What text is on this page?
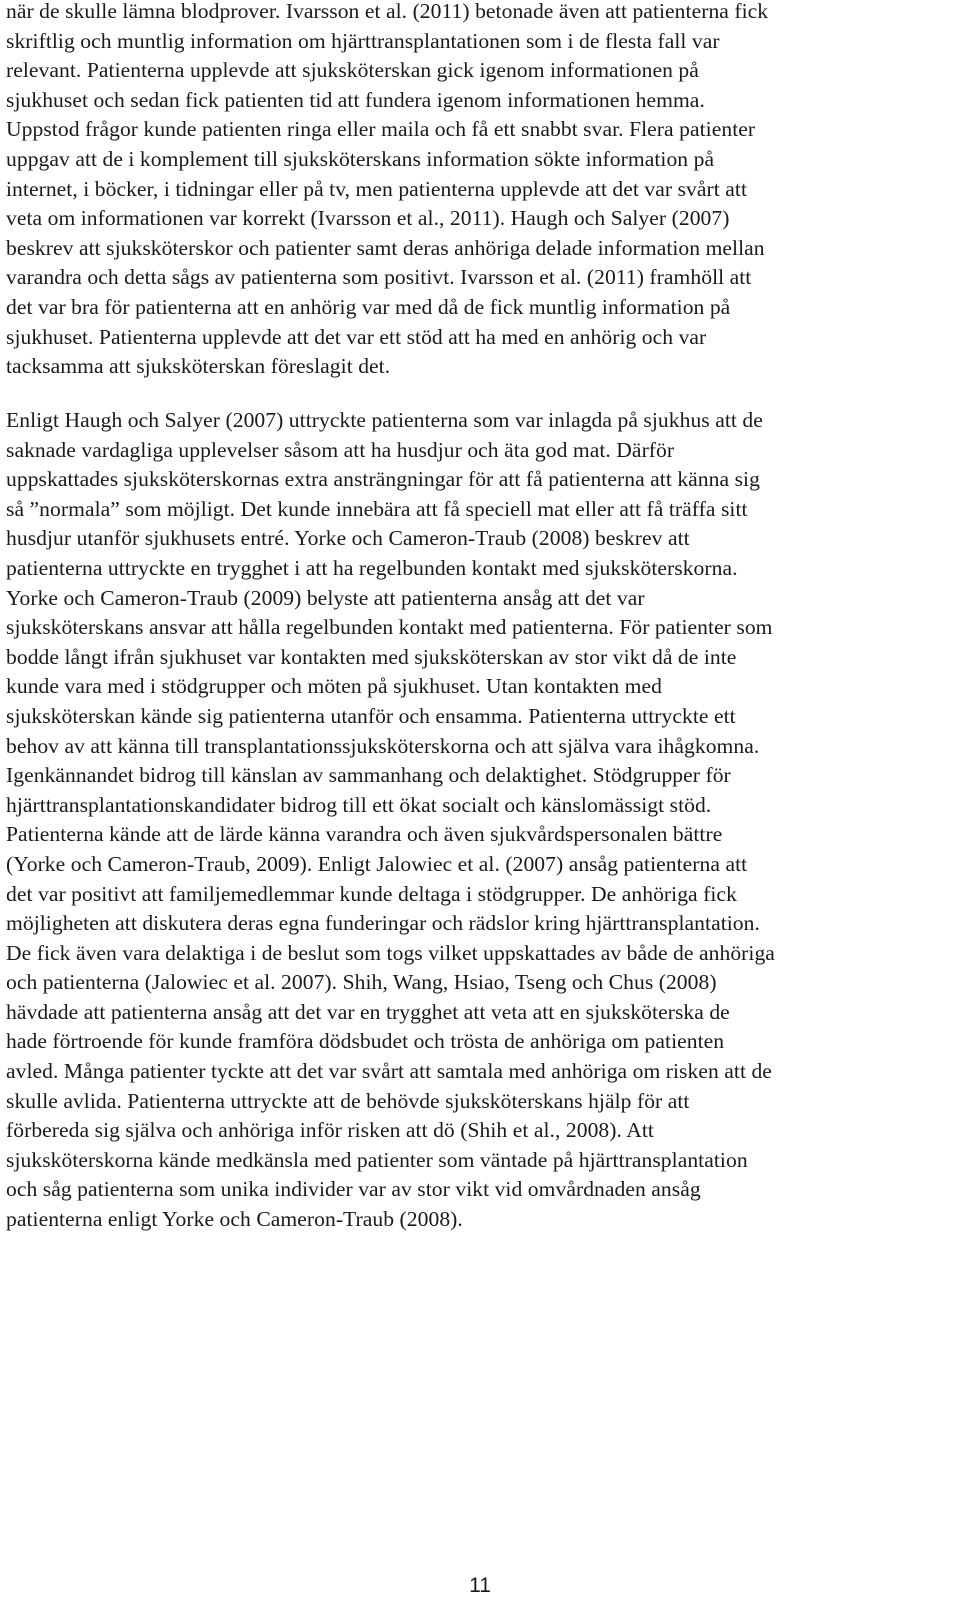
när de skulle lämna blodprover. Ivarsson et al. (2011) betonade även att patienterna fick
skriftlig och muntlig information om hjärttransplantationen som i de flesta fall var
relevant. Patienterna upplevde att sjuksköterskan gick igenom informationen på
sjukhuset och sedan fick patienten tid att fundera igenom informationen hemma.
Uppstod frågor kunde patienten ringa eller maila och få ett snabbt svar. Flera patienter
uppgav att de i komplement till sjuksköterskans information sökte information på
internet, i böcker, i tidningar eller på tv, men patienterna upplevde att det var svårt att
veta om informationen var korrekt (Ivarsson et al., 2011). Haugh och Salyer (2007)
beskrev att sjuksköterskor och patienter samt deras anhöriga delade information mellan
varandra och detta sågs av patienterna som positivt. Ivarsson et al. (2011) framhöll att
det var bra för patienterna att en anhörig var med då de fick muntlig information på
sjukhuset. Patienterna upplevde att det var ett stöd att ha med en anhörig och var
tacksamma att sjuksköterskan föreslagit det.

Enligt Haugh och Salyer (2007) uttryckte patienterna som var inlagda på sjukhus att de
saknade vardagliga upplevelser såsom att ha husdjur och äta god mat. Därför
uppskattades sjuksköterskornas extra ansträngningar för att få patienterna att känna sig
så ”normala” som möjligt. Det kunde innebära att få speciell mat eller att få träffa sitt
husdjur utanför sjukhusets entré. Yorke och Cameron-Traub (2008) beskrev att
patienterna uttryckte en trygghet i att ha regelbunden kontakt med sjuksköterskorna.
Yorke och Cameron-Traub (2009) belyste att patienterna ansåg att det var
sjuksköterskans ansvar att hålla regelbunden kontakt med patienterna. För patienter som
bodde långt ifrån sjukhuset var kontakten med sjuksköterskan av stor vikt då de inte
kunde vara med i stödgrupper och möten på sjukhuset. Utan kontakten med
sjuksköterskan kände sig patienterna utanför och ensamma. Patienterna uttryckte ett
behov av att känna till transplantationssjuksköterskorna och att själva vara ihågkomna.
Igenkännandet bidrog till känslan av sammanhang och delaktighet. Stödgrupper för
hjärttransplantationskandidater bidrog till ett ökat socialt och känslomässigt stöd.
Patienterna kände att de lärde känna varandra och även sjukvårdspersonalen bättre
(Yorke och Cameron-Traub, 2009). Enligt Jalowiec et al. (2007) ansåg patienterna att
det var positivt att familjemedlemmar kunde deltaga i stödgrupper. De anhöriga fick
möjligheten att diskutera deras egna funderingar och rädslor kring hjärttransplantation.
De fick även vara delaktiga i de beslut som togs vilket uppskattades av både de anhöriga
och patienterna (Jalowiec et al. 2007). Shih, Wang, Hsiao, Tseng och Chus (2008)
hävdade att patienterna ansåg att det var en trygghet att veta att en sjuksköterska de
hade förtroende för kunde framföra dödsbudet och trösta de anhöriga om patienten
avled. Många patienter tyckte att det var svårt att samtala med anhöriga om risken att de
skulle avlida. Patienterna uttryckte att de behövde sjuksköterskans hjälp för att
förbereda sig själva och anhöriga inför risken att dö (Shih et al., 2008). Att
sjuksköterskorna kände medkänsla med patienter som väntade på hjärttransplantation
och såg patienterna som unika individer var av stor vikt vid omvårdnaden ansåg
patienterna enligt Yorke och Cameron-Traub (2008).

11
